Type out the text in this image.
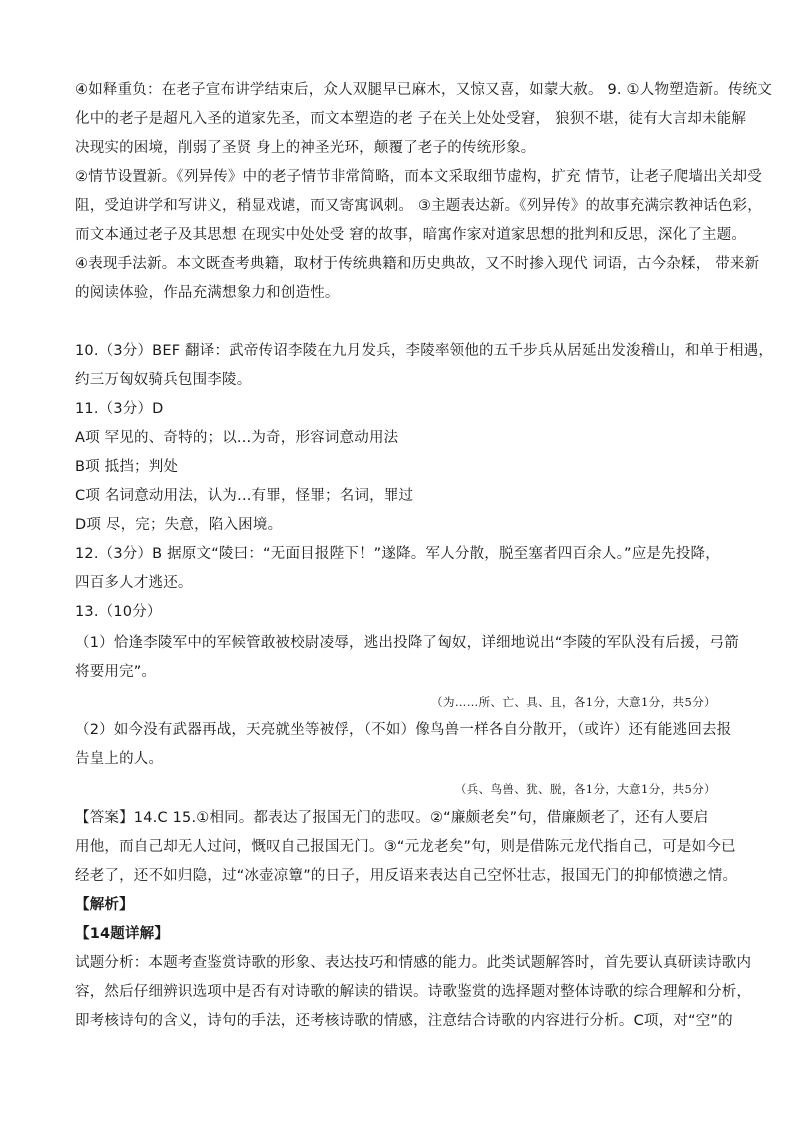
④如释重负：在老子宣布讲学结束后，众人双腿早已麻木，又惊又喜，如蒙大赦。 9. ①人物塑造新。传统文
化中的老子是超凡入圣的道家先圣，而文本塑造的老 子在关上处处受窘， 狼狈不堪，徒有大言却未能解
决现实的困境，削弱了圣贤 身上的神圣光环，颠覆了老子的传统形象。
②情节设置新。《列异传》中的老子情节非常简略，而本文采取细节虚构，扩充 情节，让老子爬墙出关却受
阻，受迫讲学和写讲义，稍显戏谑，而又寄寓讽刺。 ③主题表达新。《列异传》的故事充满宗教神话色彩，
而文本通过老子及其思想 在现实中处处受 窘的故事，暗寓作家对道家思想的批判和反思，深化了主题。
④表现手法新。本文既查考典籍，取材于传统典籍和历史典故，又不时掺入现代 词语，古今杂糅， 带来新
的阅读体验，作品充满想象力和创造性。
10.（3分）BEF 翻译：武帝传诏李陵在九月发兵，李陵率领他的五千步兵从居延出发浚稽山，和单于相遇，
约三万匈奴骑兵包围李陵。
11.（3分）D
A项 罕见的、奇特的；以...为奇，形容词意动用法
B项 抵挡；判处
C项 名词意动用法，认为...有罪，怪罪；名词，罪过
D项 尽，完；失意，陷入困境。
12.（3分）B 据原文“陵曰：“无面目报陛下！”遂降。军人分散，脱至塞者四百余人。”应是先投降，
四百多人才逃还。
13.（10分）
（1）恰逢李陵军中的军候管敢被校尉凌辱，逃出投降了匈奴，详细地说出“李陵的军队没有后援，弓箭
将要用完”。
（为……所、亡、具、且，各1分，大意1分，共5分）
（2）如今没有武器再战，天亮就坐等被俘，（不如）像鸟兽一样各自分散开，（或许）还有能逃回去报
告皇上的人。
（兵、鸟兽、犹、脱，各1分，大意1分，共5分）
【答案】14.C 15.①相同。都表达了报国无门的悲叹。②“廉颇老矣”句，借廉颇老了，还有人要启
用他，而自己却无人过问，慨叹自己报国无门。③“元龙老矣”句，则是借陈元龙代指自己，可是如今已
经老了，还不如归隐，过“冰壶凉簟”的日子，用反语来表达自己空怀壮志，报国无门的抑郁愤懑之情。
【解析】
【14题详解】
试题分析：本题考查鉴赏诗歌的形象、表达技巧和情感的能力。此类试题解答时，首先要认真研读诗歌内
容，然后仔细辨识选项中是否有对诗歌的解读的错误。诗歌鉴赏的选择题对整体诗歌的综合理解和分析，
即考核诗句的含义，诗句的手法，还考核诗歌的情感，注意结合诗歌的内容进行分析。C项，对“空”的
